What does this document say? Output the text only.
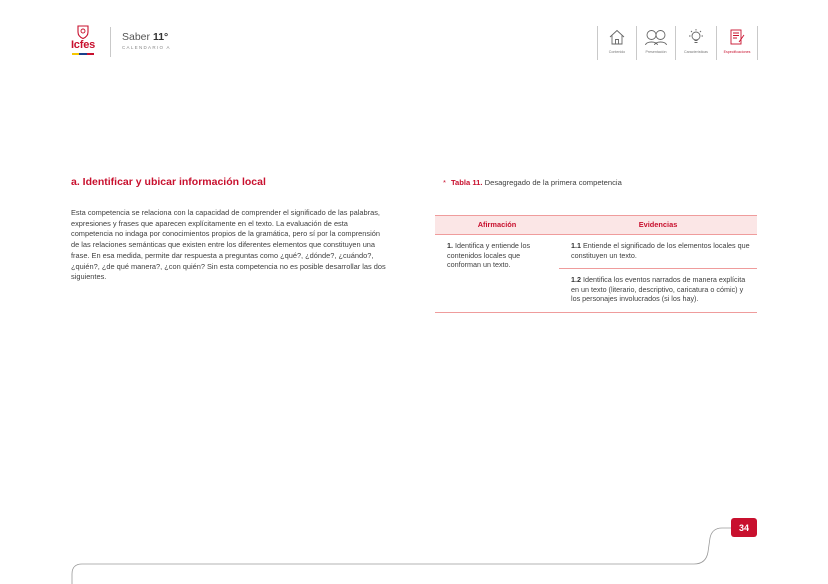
Icfes
Saber 11°
CALENDARIO A
Contenido	Presentación	Características	Especificaciones
a. Identificar y ubicar información local
Esta competencia se relaciona con la capacidad de comprender el significado de las palabras, expresiones y frases que aparecen explícitamente en el texto. La evaluación de esta competencia no indaga por conocimientos propios de la gramática, pero sí por la comprensión de las relaciones semánticas que existen entre los diferentes elementos que constituyen una frase. En esa medida, permite dar respuesta a preguntas como ¿qué?, ¿dónde?, ¿cuándo?, ¿quién?, ¿de qué manera?, ¿con quién? Sin esta competencia no es posible desarrollar las dos siguientes.
* Tabla 11. Desagregado de la primera competencia
Afirmación	Evidencias
1. Identifica y entiende los contenidos locales que conforman un texto.	1.1 Entiende el significado de los elementos locales que constituyen un texto.
	1.2 Identifica los eventos narrados de manera explícita en un texto (literario, descriptivo, caricatura o cómic) y los personajes involucrados (si los hay).
34
